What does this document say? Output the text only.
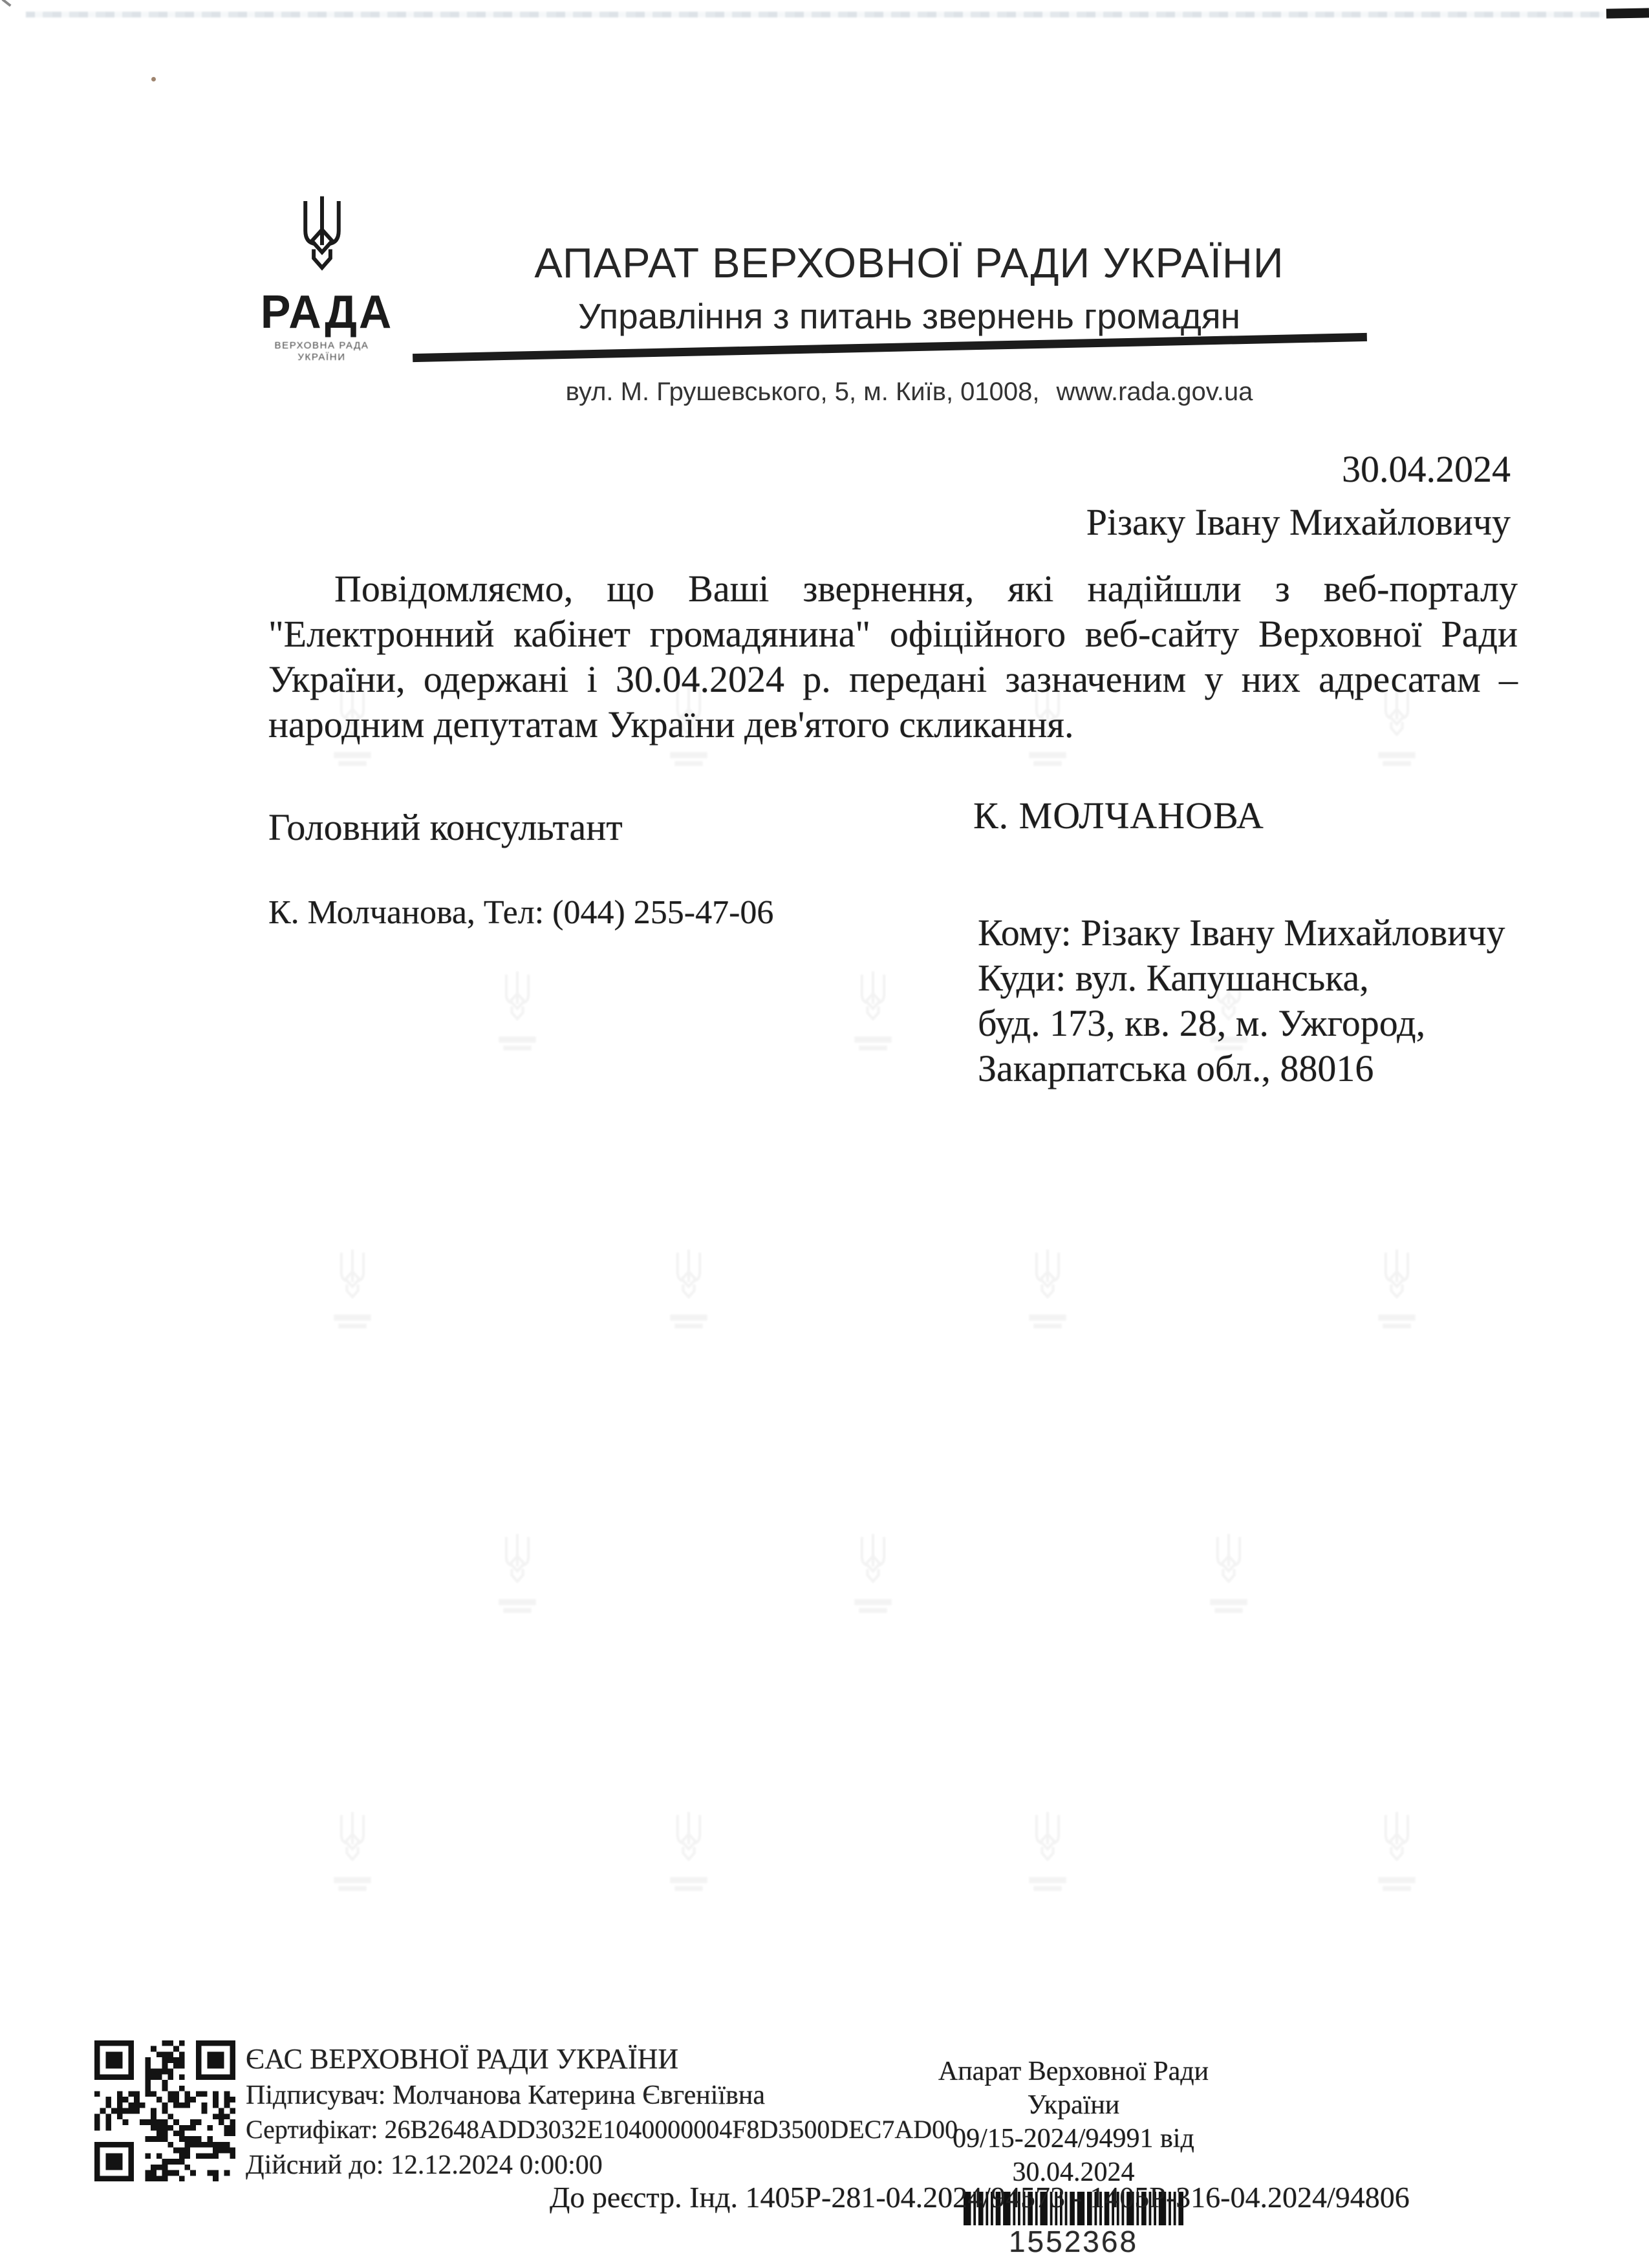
РАДА
ВЕРХОВНА РАДА
УКРАЇНИ
АПАРАТ ВЕРХОВНОЇ РАДИ УКРАЇНИ
Управління з питань звернень громадян
вул. М. Грушевського, 5, м. Київ, 01008, www.rada.gov.ua
30.04.2024
Різаку Івану Михайловичу
Повідомляємо, що Ваші звернення, які надійшли з веб-порталу
"Електронний кабінет громадянина" офіційного веб-сайту Верховної Ради
України, одержані і 30.04.2024 р. передані зазначеним у них адресатам –
народним депутатам України дев'ятого скликання.
Головний консультант	К. МОЛЧАНОВА
К. Молчанова, Тел: (044) 255-47-06	Кому: Різаку Івану Михайловичу
Куди: вул. Капушанська,
буд. 173, кв. 28, м. Ужгород,
Закарпатська обл., 88016
ЄАС ВЕРХОВНОЇ РАДИ УКРАЇНИ
Підписувач: Молчанова Катерина Євгеніївна
Сертифікат: 26B2648ADD3032E1040000004F8D3500DEC7AD00
Дійсний до: 12.12.2024 0:00:00
Апарат Верховної Ради України
09/15-2024/94991 від 30.04.2024
1552368
До реєстр. Інд. 1405Р-281-04.2024/94573 - 1405Р-316-04.2024/94806
